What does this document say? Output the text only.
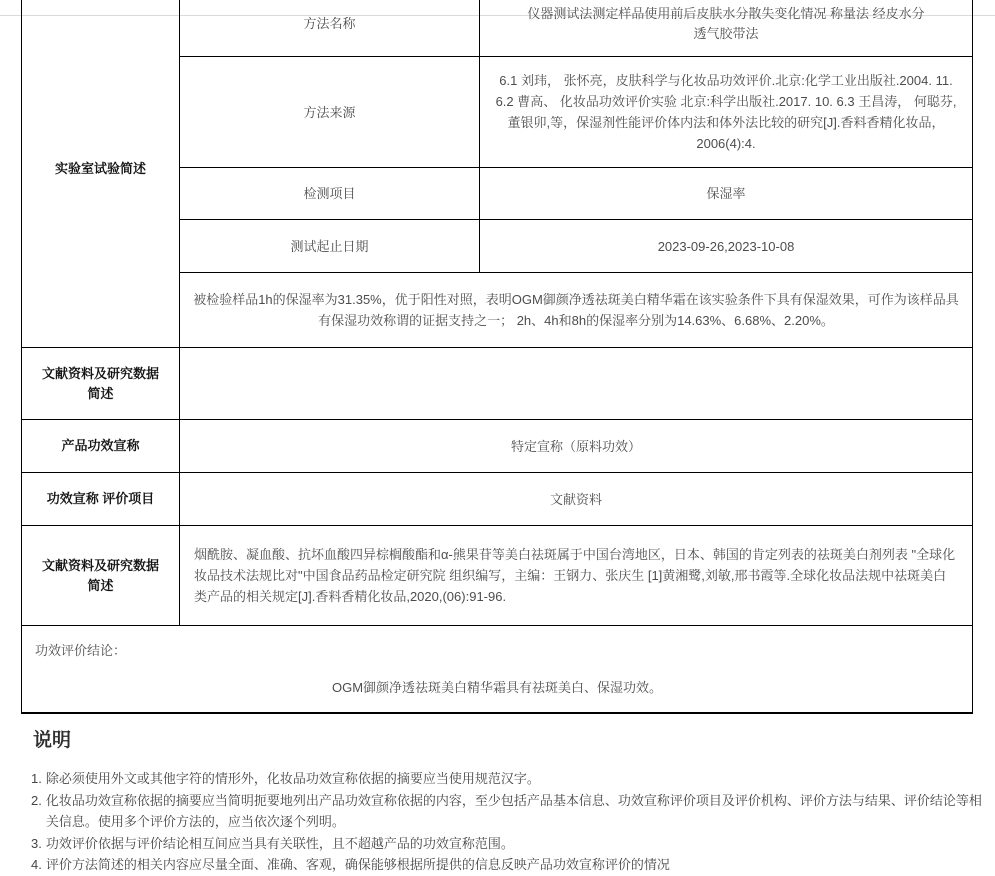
实验室试验简述	方法名称	仪器测试法测定样品使用前后皮肤水分散失变化情况 称量法 经皮水分
透气胶带法

	方法来源	6.1 刘玮， 张怀亮，皮肤科学与化妆品功效评价.北京:化学工业出版社.2004. 11. 6.2 曹高、 化妆品功效评价实验 北京:科学出版社.2017. 10. 6.3 王昌涛， 何聪芬,董银卯,等，保湿剂性能评价体内法和体外法比较的研究[J].香料香精化妆品，2006(4):4.
	检测项目	保湿率
	测试起止日期	2023-09-26,2023-10-08
	被检验样品1h的保湿率为31.35%，优于阳性对照，表明OGM御颜净透祛斑美白精华霜在该实验条件下具有保湿效果，可作为该样品具有保湿功效称谓的证据支持之一； 2h、4h和8h的保湿率分别为14.63%、6.68%、2.20%。	
文献资料及研究数据简述		
产品功效宣称	特定宣称（原料功效）	
功效宣称 评价项目	文献资料	
文献资料及研究数据简述	烟酰胺、凝血酸、抗坏血酸四异棕榈酸酯和α-熊果苷等美白祛斑属于中国台湾地区，日本、韩国的肯定列表的祛斑美白剂列表 "全球化妆品技术法规比对"中国食品药品检定研究院 组织编写，主编：王钢力、张庆生 [1]黄湘鹭,刘敏,邢书霞等.全球化妆品法规中祛斑美白类产品的相关规定[J].香料香精化妆品,2020,(06):91-96.	

功效评价结论：
OGM御颜净透祛斑美白精华霜具有祛斑美白、保湿功效。		
说明
1. 除必须使用外文或其他字符的情形外，化妆品功效宣称依据的摘要应当使用规范汉字。
2. 化妆品功效宣称依据的摘要应当简明扼要地列出产品功效宣称依据的内容，至少包括产品基本信息、功效宣称评价项目及评价机构、评价方法与结果、评价结论等相关信息。使用多个评价方法的，应当依次逐个列明。
3. 功效评价依据与评价结论相互间应当具有关联性，且不超越产品的功效宣称范围。
4. 评价方法简述的相关内容应尽量全面、准确、客观，确保能够根据所提供的信息反映产品功效宣称评价的情况
